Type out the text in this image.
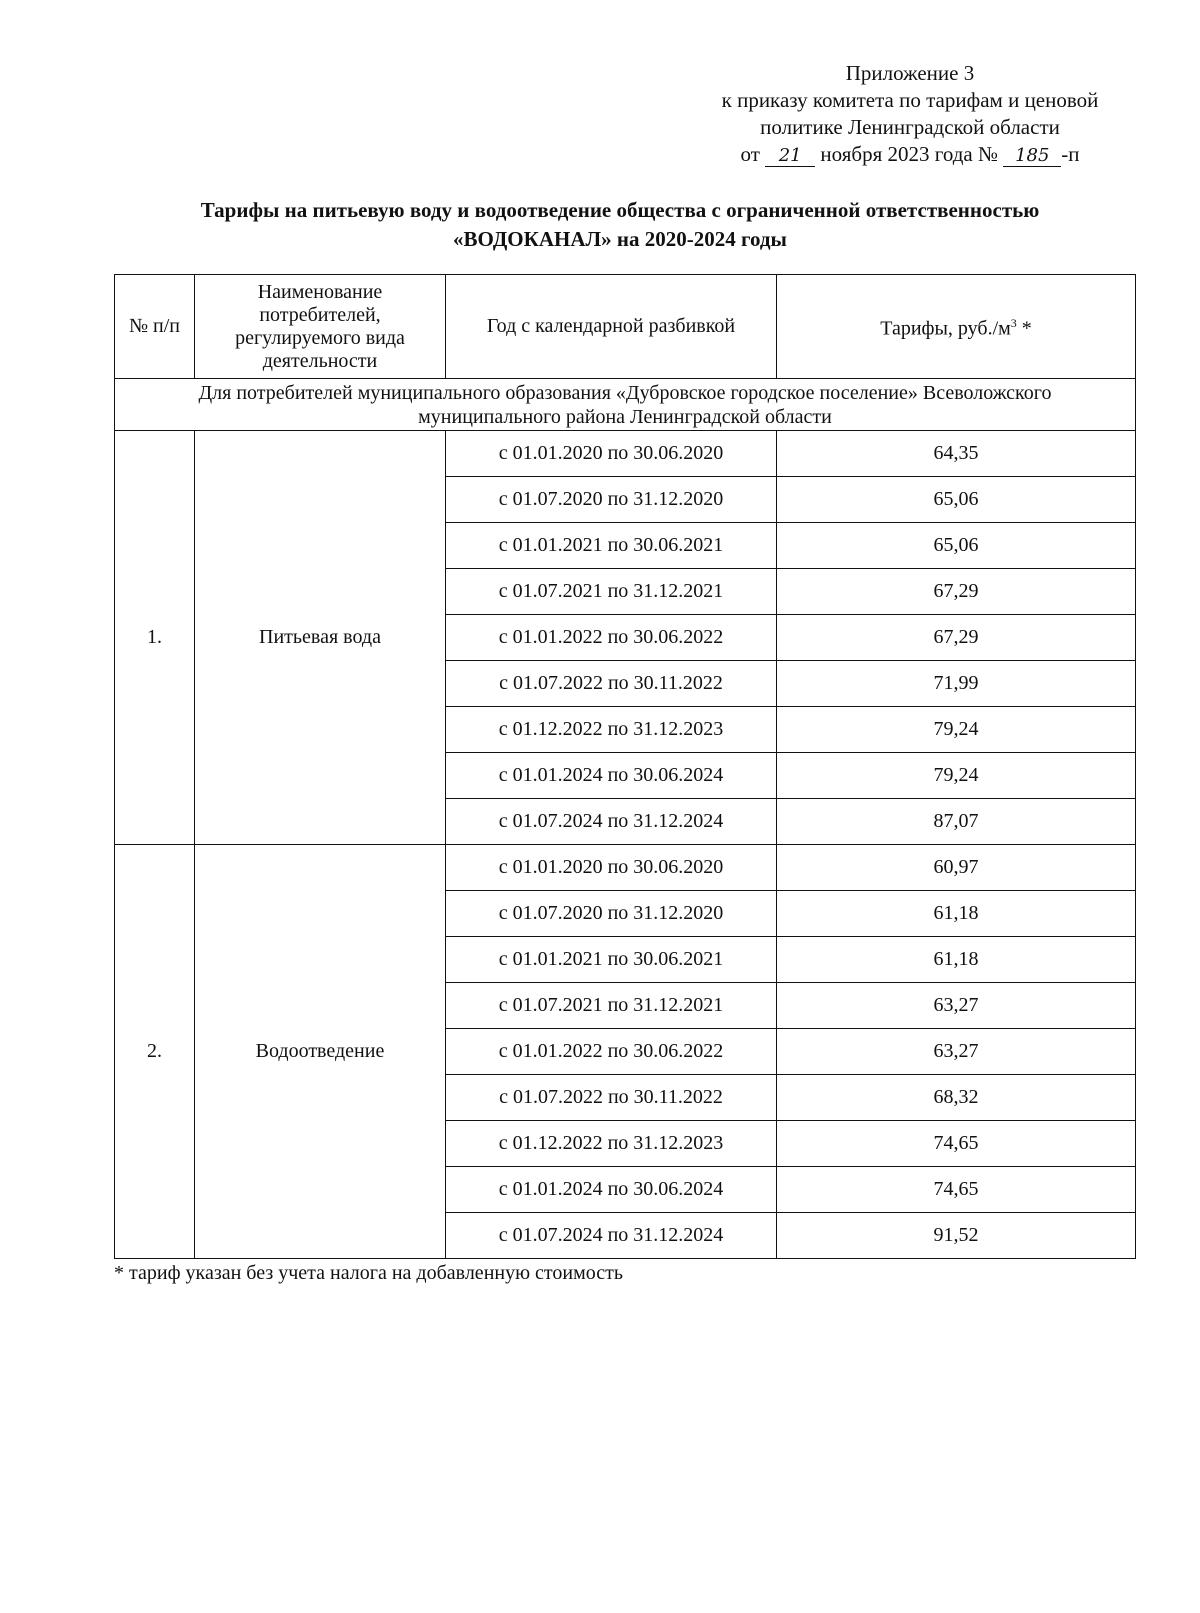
Приложение 3
к приказу комитета по тарифам и ценовой
политике Ленинградской области
от 21 ноября 2023 года № 185 -п
Тарифы на питьевую воду и водоотведение общества с ограниченной ответственностью
«ВОДОКАНАЛ» на 2020-2024 годы
№ п/п	Наименование потребителей, регулируемого вида деятельности	Год с календарной разбивкой	Тарифы, $руб./м^3$ *

Для потребителей муниципального образования «Дубровское городское поселение» Всеволожского муниципального района Ленинградской области			

1.	Питьевая вода	с 01.01.2020 по 30.06.2020	64,35
		с 01.07.2020 по 31.12.2020	65,06
		с 01.01.2021 по 30.06.2021	65,06
		с 01.07.2021 по 31.12.2021	67,29
		с 01.01.2022 по 30.06.2022	67,29
		с 01.07.2022 по 30.11.2022	71,99
		с 01.12.2022 по 31.12.2023	79,24
		с 01.01.2024 по 30.06.2024	79,24
		с 01.07.2024 по 31.12.2024	87,07
2.	Водоотведение	с 01.01.2020 по 30.06.2020	60,97
		с 01.07.2020 по 31.12.2020	61,18
		с 01.01.2021 по 30.06.2021	61,18
		с 01.07.2021 по 31.12.2021	63,27
		с 01.01.2022 по 30.06.2022	63,27
		с 01.07.2022 по 30.11.2022	68,32
		с 01.12.2022 по 31.12.2023	74,65
		с 01.01.2024 по 30.06.2024	74,65
		с 01.07.2024 по 31.12.2024	91,52
* тариф указан без учета налога на добавленную стоимость
